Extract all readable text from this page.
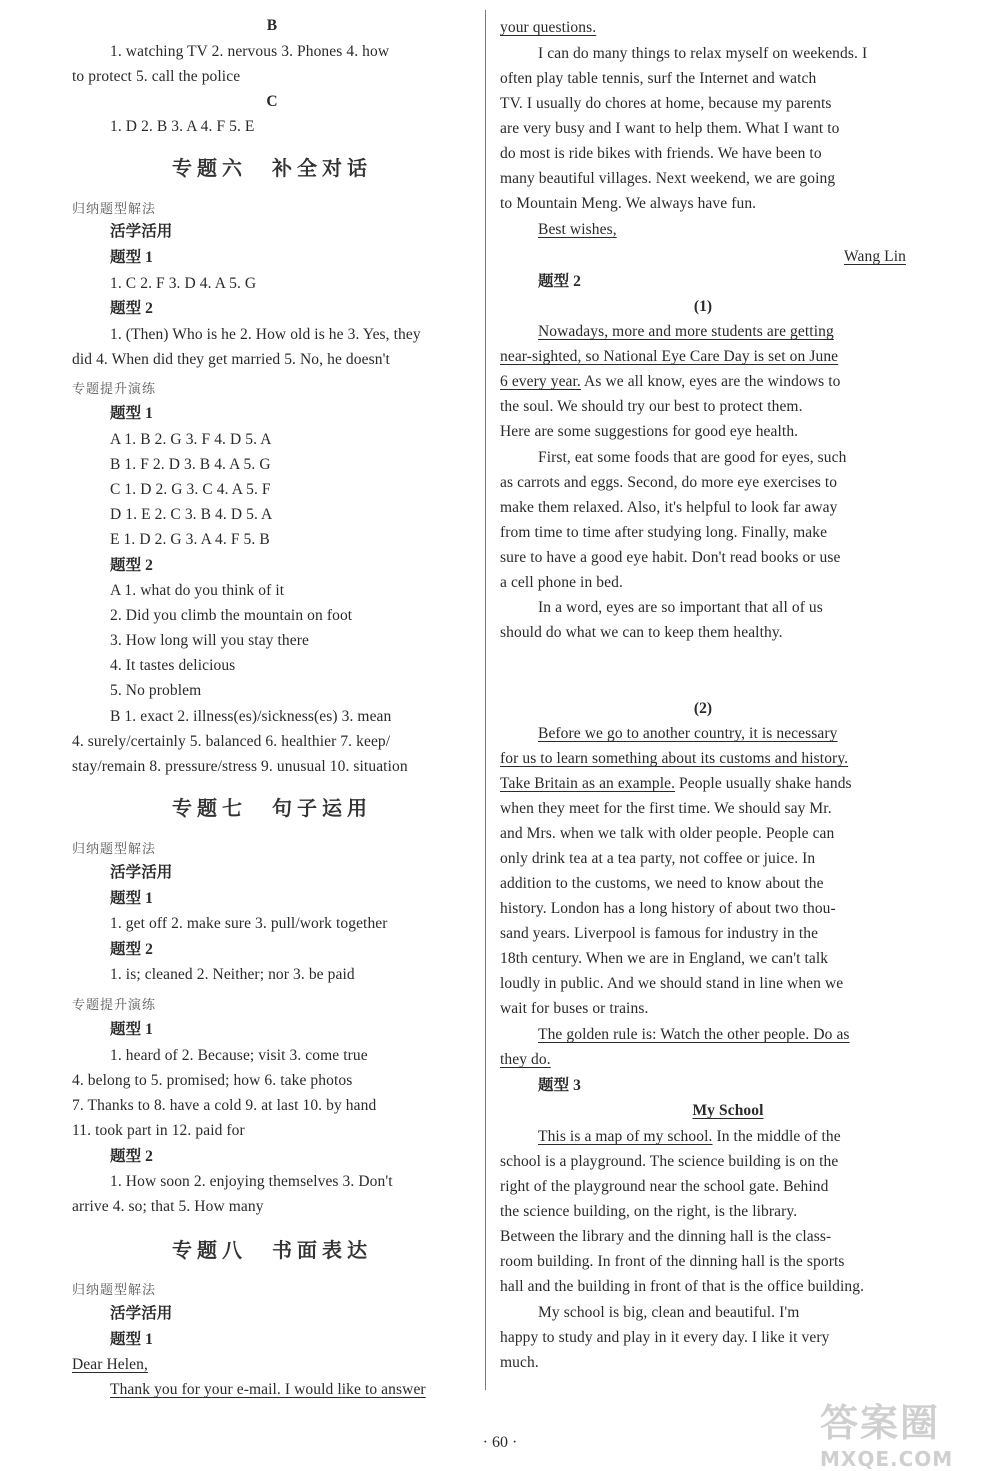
B
1. watching TV 2. nervous 3. Phones 4. how
to protect 5. call the police
C
1. D 2. B 3. A 4. F 5. E
专题六　补全对话
归纳题型解法
活学活用
题型 1
1. C 2. F 3. D 4. A 5. G
题型 2
1. (Then) Who is he 2. How old is he 3. Yes, they
did 4. When did they get married 5. No, he doesn't
专题提升演练
题型 1
A 1. B 2. G 3. F 4. D 5. A
B 1. F 2. D 3. B 4. A 5. G
C 1. D 2. G 3. C 4. A 5. F
D 1. E 2. C 3. B 4. D 5. A
E 1. D 2. G 3. A 4. F 5. B
题型 2
A 1. what do you think of it
2. Did you climb the mountain on foot
3. How long will you stay there
4. It tastes delicious
5. No problem
B 1. exact 2. illness(es)/sickness(es) 3. mean
4. surely/certainly 5. balanced 6. healthier 7. keep/
stay/remain 8. pressure/stress 9. unusual 10. situation
专题七　句子运用
归纳题型解法
活学活用
题型 1
1. get off 2. make sure 3. pull/work together
题型 2
1. is; cleaned 2. Neither; nor 3. be paid
专题提升演练
题型 1
1. heard of 2. Because; visit 3. come true
4. belong to 5. promised; how 6. take photos
7. Thanks to 8. have a cold 9. at last 10. by hand
11. took part in 12. paid for
题型 2
1. How soon 2. enjoying themselves 3. Don't
arrive 4. so; that 5. How many
专题八　书面表达
归纳题型解法
活学活用
题型 1
Dear Helen,
Thank you for your e-mail. I would like to answer
your questions.
I can do many things to relax myself on weekends. I
often play table tennis, surf the Internet and watch
TV. I usually do chores at home, because my parents
are very busy and I want to help them. What I want to
do most is ride bikes with friends. We have been to
many beautiful villages. Next weekend, we are going
to Mountain Meng. We always have fun.
Best wishes,
Wang Lin
题型 2
(1)
Nowadays, more and more students are getting
near-sighted, so National Eye Care Day is set on June
6 every year. As we all know, eyes are the windows to
the soul. We should try our best to protect them.
Here are some suggestions for good eye health.
First, eat some foods that are good for eyes, such
as carrots and eggs. Second, do more eye exercises to
make them relaxed. Also, it's helpful to look far away
from time to time after studying long. Finally, make
sure to have a good eye habit. Don't read books or use
a cell phone in bed.
In a word, eyes are so important that all of us
should do what we can to keep them healthy.
(2)
Before we go to another country, it is necessary
for us to learn something about its customs and history.
Take Britain as an example. People usually shake hands
when they meet for the first time. We should say Mr.
and Mrs. when we talk with older people. People can
only drink tea at a tea party, not coffee or juice. In
addition to the customs, we need to know about the
history. London has a long history of about two thou-
sand years. Liverpool is famous for industry in the
18th century. When we are in England, we can't talk
loudly in public. And we should stand in line when we
wait for buses or trains.
The golden rule is: Watch the other people. Do as
they do.
题型 3
My School
This is a map of my school. In the middle of the
school is a playground. The science building is on the
right of the playground near the school gate. Behind
the science building, on the right, is the library.
Between the library and the dinning hall is the class-
room building. In front of the dinning hall is the sports
hall and the building in front of that is the office building.
My school is big, clean and beautiful. I'm
happy to study and play in it every day. I like it very
much.
· 60 ·	答案圈
MXQE.COM
